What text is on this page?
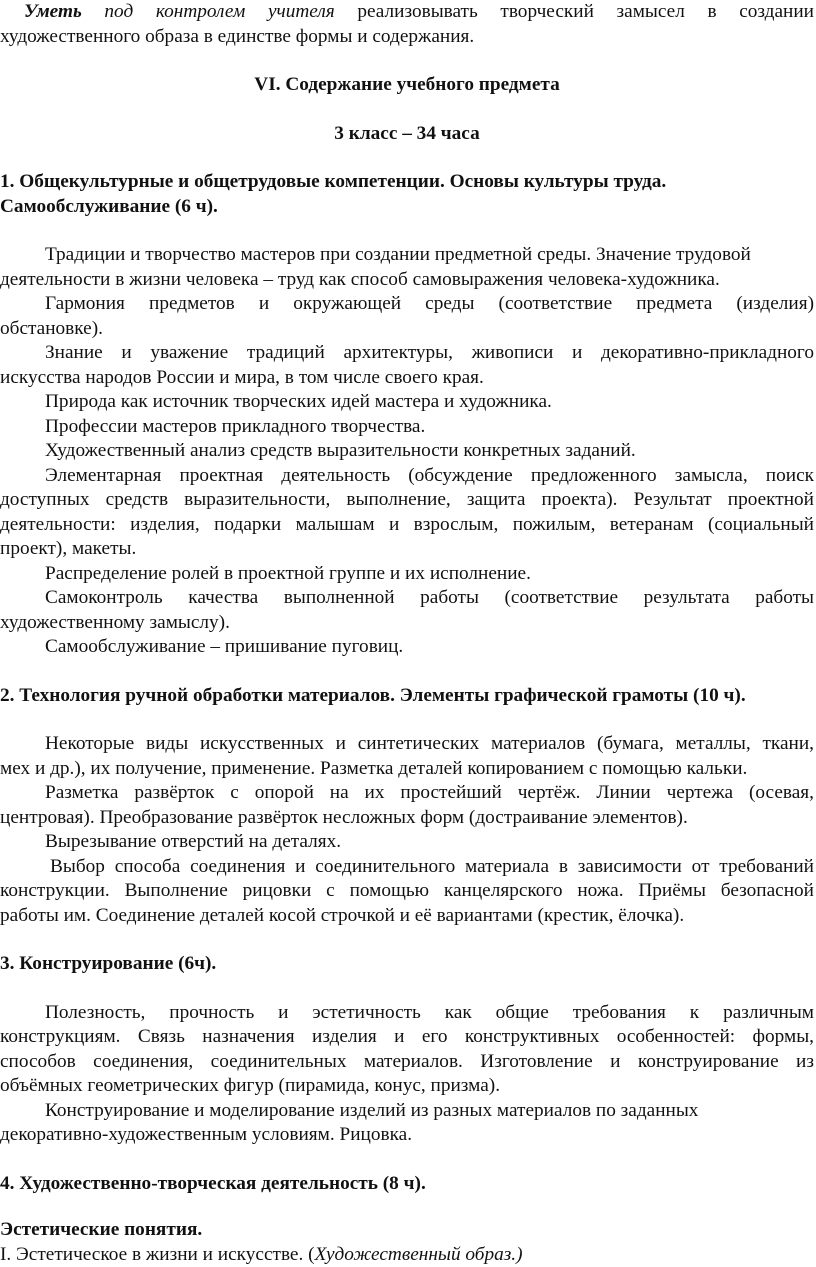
Уметь под контролем учителя реализовывать творческий замысел в создании

художественного образа в единстве формы и содержания.

VI. Содержание учебного предмета

3 класс – 34 часа

1. Общекультурные и общетрудовые компетенции. Основы культуры труда.

Самообслуживание (6 ч).

Традиции и творчество мастеров при создании предметной среды. Значение трудовой

деятельности в жизни человека – труд как способ самовыражения человека-художника.

Гармония предметов и окружающей среды (соответствие предмета (изделия)

обстановке).

Знание и уважение традиций архитектуры, живописи и декоративно-прикладного

искусства народов России и мира, в том числе своего края.

Природа как источник творческих идей мастера и художника.

Профессии мастеров прикладного творчества.

Художественный анализ средств выразительности конкретных заданий.

Элементарная проектная деятельность (обсуждение предложенного замысла, поиск

доступных средств выразительности, выполнение, защита проекта). Результат проектной

деятельности: изделия, подарки малышам и взрослым, пожилым, ветеранам (социальный

проект), макеты.

Распределение ролей в проектной группе и их исполнение.

Самоконтроль качества выполненной работы (соответствие результата работы

художественному замыслу).

Самообслуживание – пришивание пуговиц.

2. Технология ручной обработки материалов. Элементы графической грамоты (10 ч).

Некоторые виды искусственных и синтетических материалов (бумага, металлы, ткани,

мех и др.), их получение, применение. Разметка деталей копированием с помощью кальки.

Разметка развёрток с опорой на их простейший чертёж. Линии чертежа (осевая,

центровая). Преобразование развёрток несложных форм (достраивание элементов).

Вырезывание отверстий на деталях.

Выбор способа соединения и соединительного материала в зависимости от требований

конструкции. Выполнение рицовки с помощью канцелярского ножа. Приёмы безопасной

работы им. Соединение деталей косой строчкой и её вариантами (крестик, ёлочка).

3. Конструирование (6ч).

Полезность, прочность и эстетичность как общие требования к различным

конструкциям. Связь назначения изделия и его конструктивных особенностей: формы,

способов соединения, соединительных материалов. Изготовление и конструирование из

объёмных геометрических фигур (пирамида, конус, призма).

Конструирование и моделирование изделий из разных материалов по заданных

декоративно-художественным условиям. Рицовка.

4. Художественно-творческая деятельность (8 ч).

Эстетические понятия.

I. Эстетическое в жизни и искусстве. (Художественный образ.)
